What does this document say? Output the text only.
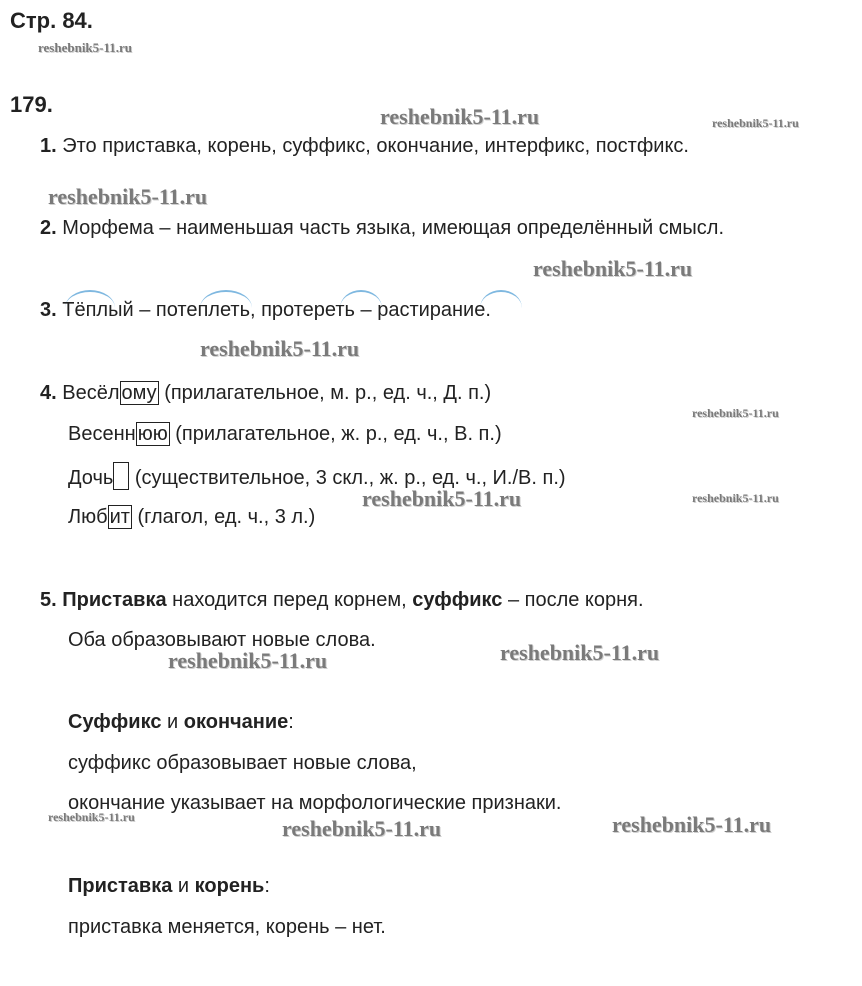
Стр. 84.
179.
1. Это приставка, корень, суффикс, окончание, интерфикс, постфикс.
2. Морфема – наименьшая часть языка, имеющая определённый смысл.
3. Тёплый – потеплеть, протереть – растирание.
4. Весёл ому (прилагательное, м. р., ед. ч., Д. п.)
Весенн юю (прилагательное, ж. р., ед. ч., В. п.)
Дочь (существительное, 3 скл., ж. р., ед. ч., И./В. п.)
Люб ит (глагол, ед. ч., 3 л.)
5. Приставка находится перед корнем, суффикс – после корня.
Оба образовывают новые слова.
Суффикс и окончание:
суффикс образовывает новые слова,
окончание указывает на морфологические признаки.
Приставка и корень:
приставка меняется, корень – нет.
reshebnik5-11.ru
reshebnik5-11.ru	reshebnik5-11.ru
reshebnik5-11.ru
reshebnik5-11.ru
reshebnik5-11.ru
reshebnik5-11.ru
reshebnik5-11.ru	reshebnik5-11.ru
reshebnik5-11.ru	reshebnik5-11.ru
reshebnik5-11.ru	reshebnik5-11.ru	reshebnik5-11.ru
